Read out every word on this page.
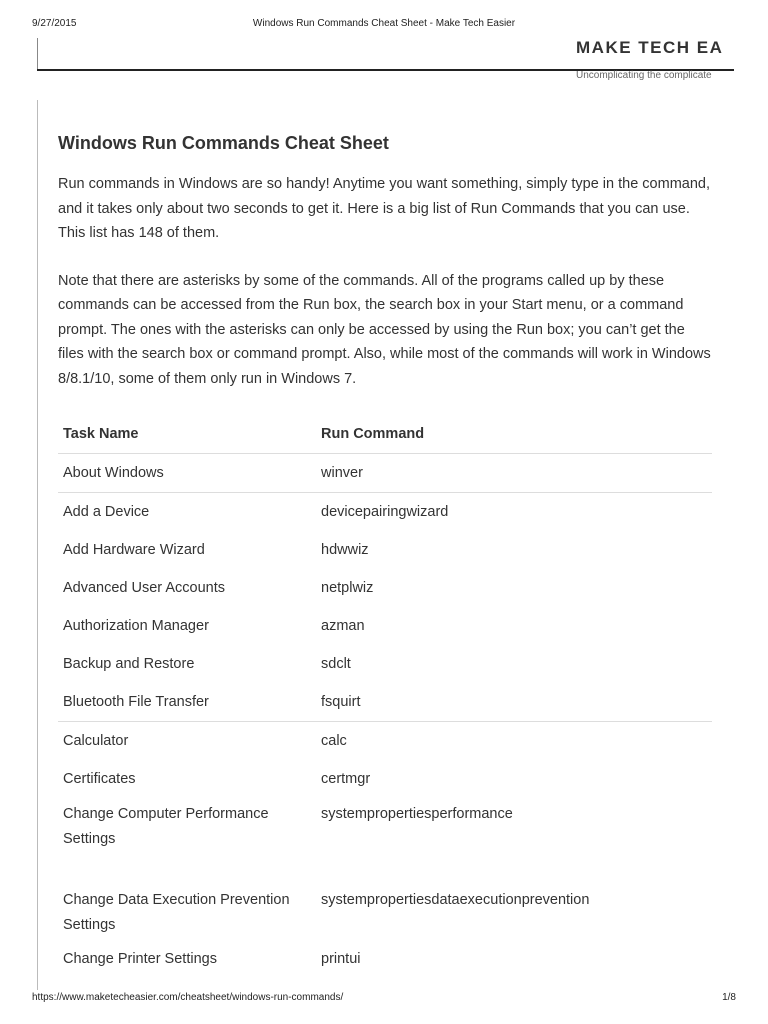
9/27/2015	Windows Run Commands Cheat Sheet - Make Tech Easier
MAKE TECH EA
Uncomplicating the complicate
Windows Run Commands Cheat Sheet

Run commands in Windows are so handy! Anytime you want something, simply type in the command, and it takes only about two seconds to get it. Here is a big list of Run Commands that you can use. This list has 148 of them.

Note that there are asterisks by some of the commands. All of the programs called up by these commands can be accessed from the Run box, the search box in your Start menu, or a command prompt. The ones with the asterisks can only be accessed by using the Run box; you can’t get the files with the search box or command prompt. Also, while most of the commands will work in Windows 8/8.1/10, some of them only run in Windows 7.

Task Name	Run Command
About Windows	winver
Add a Device	devicepairingwizard
Add Hardware Wizard	hdwwiz
Advanced User Accounts	netplwiz
Authorization Manager	azman
Backup and Restore	sdclt
Bluetooth File Transfer	fsquirt
Calculator	calc
Certificates	certmgr
Change Computer Performance Settings	systempropertiesperformance
Change Data Execution Prevention Settings	systempropertiesdataexecutionprevention
Change Printer Settings	printui
https://www.maketecheasier.com/cheatsheet/windows-run-commands/	1/8
